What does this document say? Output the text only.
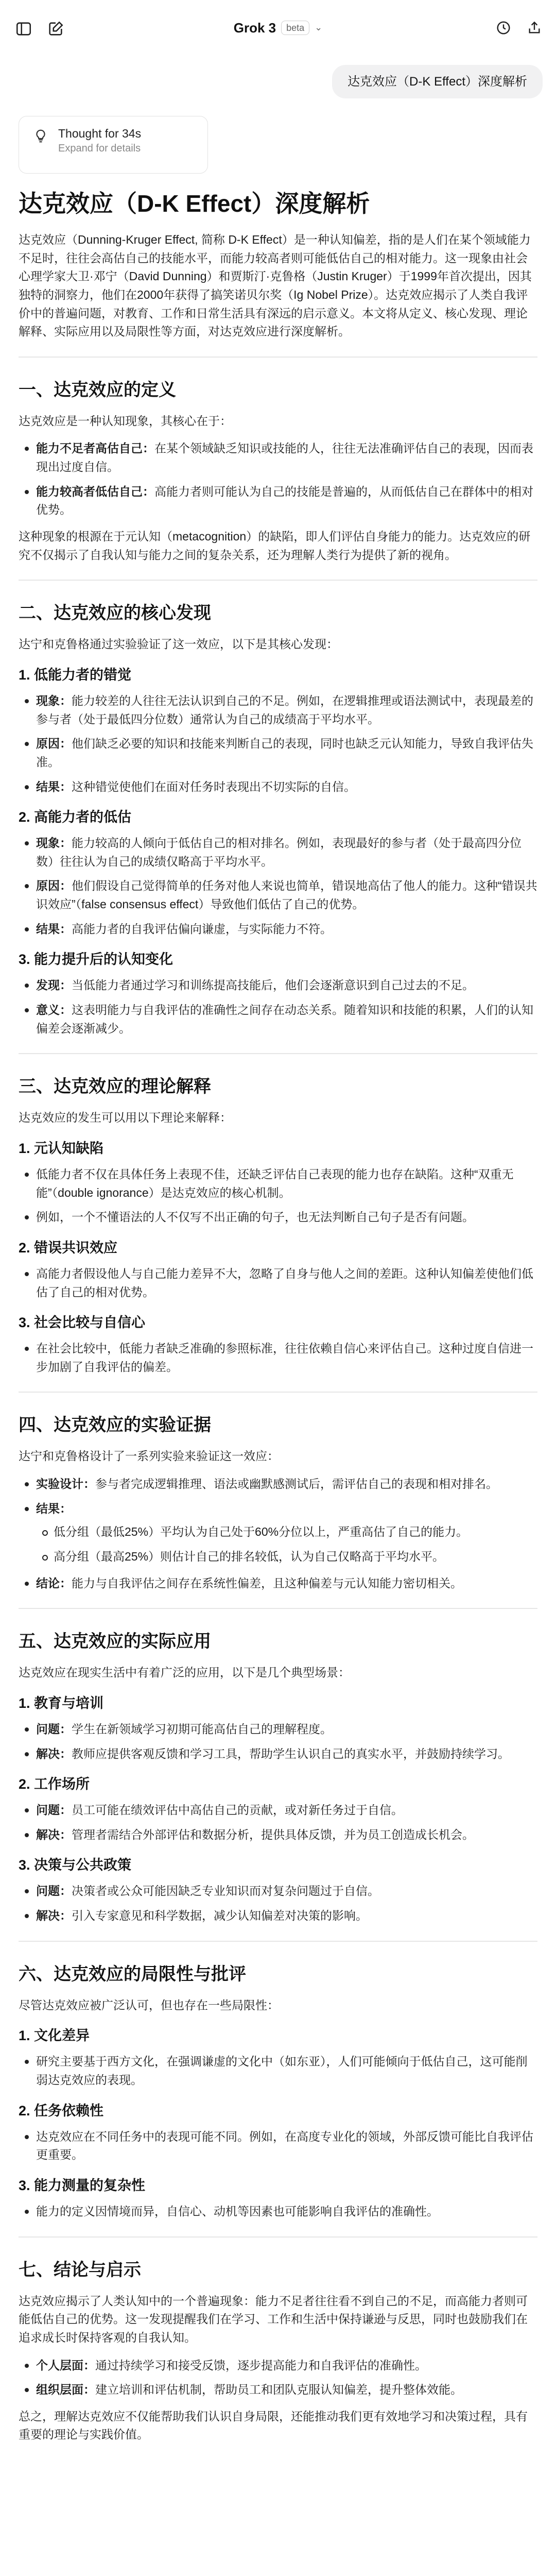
Grok 3	beta	⌄
达克效应（D-K Effect）深度解析
Thought for 34s
Expand for details
达克效应（D-K Effect）深度解析

达克效应（Dunning-Kruger Effect, 简称 D-K Effect）是一种认知偏差，指的是人们在某个领域能力不足时，往往会高估自己的技能水平，而能力较高者则可能低估自己的相对能力。这一现象由社会心理学家大卫·邓宁（David Dunning）和贾斯汀·克鲁格（Justin Kruger）于1999年首次提出，因其独特的洞察力，他们在2000年获得了搞笑诺贝尔奖（Ig Nobel Prize）。达克效应揭示了人类自我评价中的普遍问题，对教育、工作和日常生活具有深远的启示意义。本文将从定义、核心发现、理论解释、实际应用以及局限性等方面，对达克效应进行深度解析。

一、达克效应的定义

达克效应是一种认知现象，其核心在于：

能力不足者高估自己：在某个领域缺乏知识或技能的人，往往无法准确评估自己的表现，因而表现出过度自信。
能力较高者低估自己：高能力者则可能认为自己的技能是普遍的，从而低估自己在群体中的相对优势。

这种现象的根源在于元认知（metacognition）的缺陷，即人们评估自身能力的能力。达克效应的研究不仅揭示了自我认知与能力之间的复杂关系，还为理解人类行为提供了新的视角。

二、达克效应的核心发现

达宁和克鲁格通过实验验证了这一效应，以下是其核心发现：

1. 低能力者的错觉
现象：能力较差的人往往无法认识到自己的不足。例如，在逻辑推理或语法测试中，表现最差的参与者（处于最低四分位数）通常认为自己的成绩高于平均水平。
原因：他们缺乏必要的知识和技能来判断自己的表现，同时也缺乏元认知能力，导致自我评估失准。
结果：这种错觉使他们在面对任务时表现出不切实际的自信。
2. 高能力者的低估
现象：能力较高的人倾向于低估自己的相对排名。例如，表现最好的参与者（处于最高四分位数）往往认为自己的成绩仅略高于平均水平。
原因：他们假设自己觉得简单的任务对他人来说也简单，错误地高估了他人的能力。这种“错误共识效应”（false consensus effect）导致他们低估了自己的优势。
结果：高能力者的自我评估偏向谦虚，与实际能力不符。
3. 能力提升后的认知变化
发现：当低能力者通过学习和训练提高技能后，他们会逐渐意识到自己过去的不足。
意义：这表明能力与自我评估的准确性之间存在动态关系。随着知识和技能的积累，人们的认知偏差会逐渐减少。
三、达克效应的理论解释

达克效应的发生可以用以下理论来解释：

1. 元认知缺陷
低能力者不仅在具体任务上表现不佳，还缺乏评估自己表现的能力也存在缺陷。这种“双重无能”（double ignorance）是达克效应的核心机制。
例如，一个不懂语法的人不仅写不出正确的句子，也无法判断自己句子是否有问题。
2. 错误共识效应
高能力者假设他人与自己能力差异不大，忽略了自身与他人之间的差距。这种认知偏差使他们低估了自己的相对优势。
3. 社会比较与自信心
在社会比较中，低能力者缺乏准确的参照标准，往往依赖自信心来评估自己。这种过度自信进一步加剧了自我评估的偏差。
四、达克效应的实验证据

达宁和克鲁格设计了一系列实验来验证这一效应：

实验设计：参与者完成逻辑推理、语法或幽默感测试后，需评估自己的表现和相对排名。
结果：
低分组（最低25%）平均认为自己处于60%分位以上，严重高估了自己的能力。
高分组（最高25%）则估计自己的排名较低，认为自己仅略高于平均水平。
结论：能力与自我评估之间存在系统性偏差，且这种偏差与元认知能力密切相关。
五、达克效应的实际应用

达克效应在现实生活中有着广泛的应用，以下是几个典型场景：

1. 教育与培训
问题：学生在新领域学习初期可能高估自己的理解程度。
解决：教师应提供客观反馈和学习工具，帮助学生认识自己的真实水平，并鼓励持续学习。
2. 工作场所
问题：员工可能在绩效评估中高估自己的贡献，或对新任务过于自信。
解决：管理者需结合外部评估和数据分析，提供具体反馈，并为员工创造成长机会。
3. 决策与公共政策
问题：决策者或公众可能因缺乏专业知识而对复杂问题过于自信。
解决：引入专家意见和科学数据，减少认知偏差对决策的影响。
六、达克效应的局限性与批评

尽管达克效应被广泛认可，但也存在一些局限性：

1. 文化差异
研究主要基于西方文化，在强调谦虚的文化中（如东亚），人们可能倾向于低估自己，这可能削弱达克效应的表现。
2. 任务依赖性
达克效应在不同任务中的表现可能不同。例如，在高度专业化的领域，外部反馈可能比自我评估更重要。
3. 能力测量的复杂性
能力的定义因情境而异，自信心、动机等因素也可能影响自我评估的准确性。
七、结论与启示

达克效应揭示了人类认知中的一个普遍现象：能力不足者往往看不到自己的不足，而高能力者则可能低估自己的优势。这一发现提醒我们在学习、工作和生活中保持谦逊与反思，同时也鼓励我们在追求成长时保持客观的自我认知。

个人层面：通过持续学习和接受反馈，逐步提高能力和自我评估的准确性。
组织层面：建立培训和评估机制，帮助员工和团队克服认知偏差，提升整体效能。

总之，理解达克效应不仅能帮助我们认识自身局限，还能推动我们更有效地学习和决策过程，具有重要的理论与实践价值。
